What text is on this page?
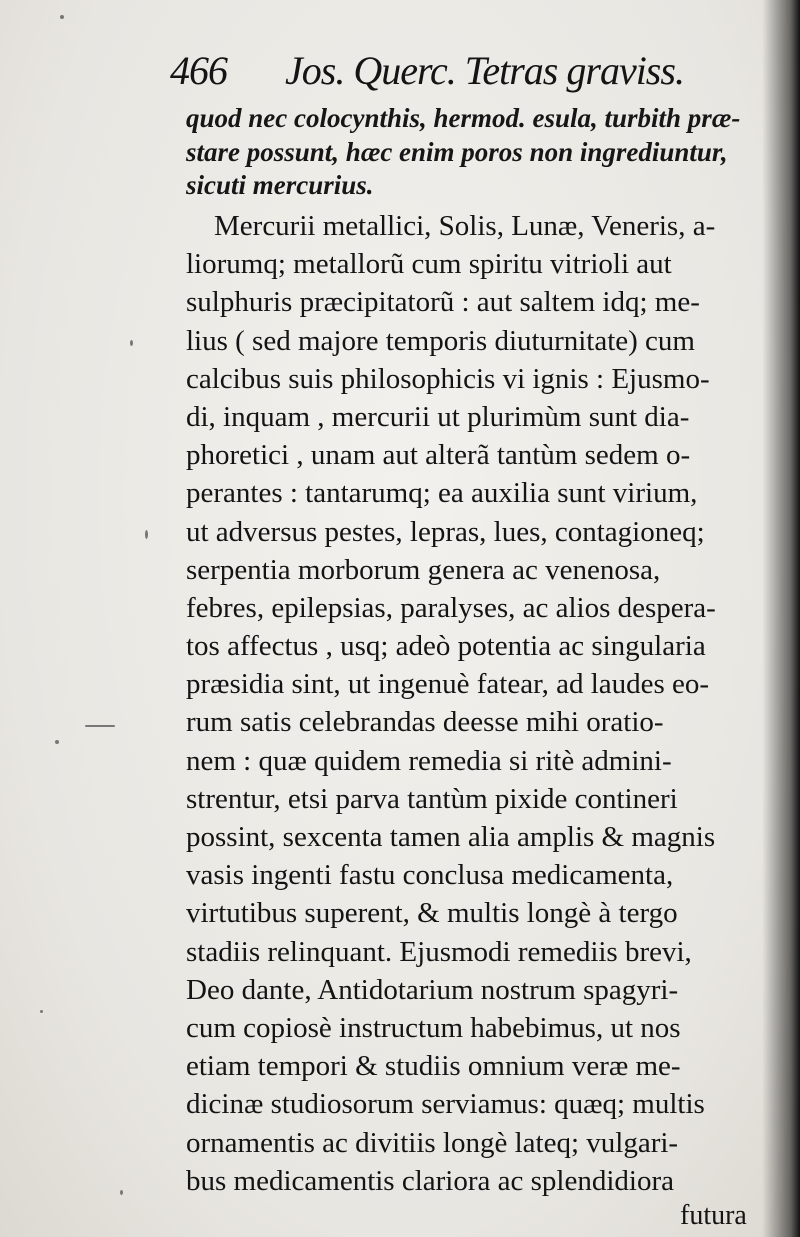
466 Jos. Querc. Tetras graviss.
quod nec colocynthis, hermod. esula, turbith præ-
stare possunt, hæc enim poros non ingrediuntur,
sicuti mercurius.
Mercurii metallici, Solis, Lunæ, Veneris, a-
liorumq; metallorũ cum spiritu vitrioli aut
sulphuris præcipitatorũ : aut saltem idq; me-
lius ( sed majore temporis diuturnitate) cum
calcibus suis philosophicis vi ignis : Ejusmo-
di, inquam , mercurii ut plurimùm sunt dia-
phoretici , unam aut alterã tantùm sedem o-
perantes : tantarumq; ea auxilia sunt virium,
ut adversus pestes, lepras, lues, contagioneq;
serpentia morborum genera ac venenosa,
febres, epilepsias, paralyses, ac alios despera-
tos affectus , usq; adeò potentia ac singularia
præsidia sint, ut ingenuè fatear, ad laudes eo-
rum satis celebrandas deesse mihi oratio-
nem : quæ quidem remedia si ritè admini-
strentur, etsi parva tantùm pixide contineri
possint, sexcenta tamen alia amplis & magnis
vasis ingenti fastu conclusa medicamenta,
virtutibus superent, & multis longè à tergo
stadiis relinquant. Ejusmodi remediis brevi,
Deo dante, Antidotarium nostrum spagyri-
cum copiosè instructum habebimus, ut nos
etiam tempori & studiis omnium veræ me-
dicinæ studiosorum serviamus: quæq; multis
ornamentis ac divitiis longè lateq; vulgari-
bus medicamentis clariora ac splendidiora
futura
